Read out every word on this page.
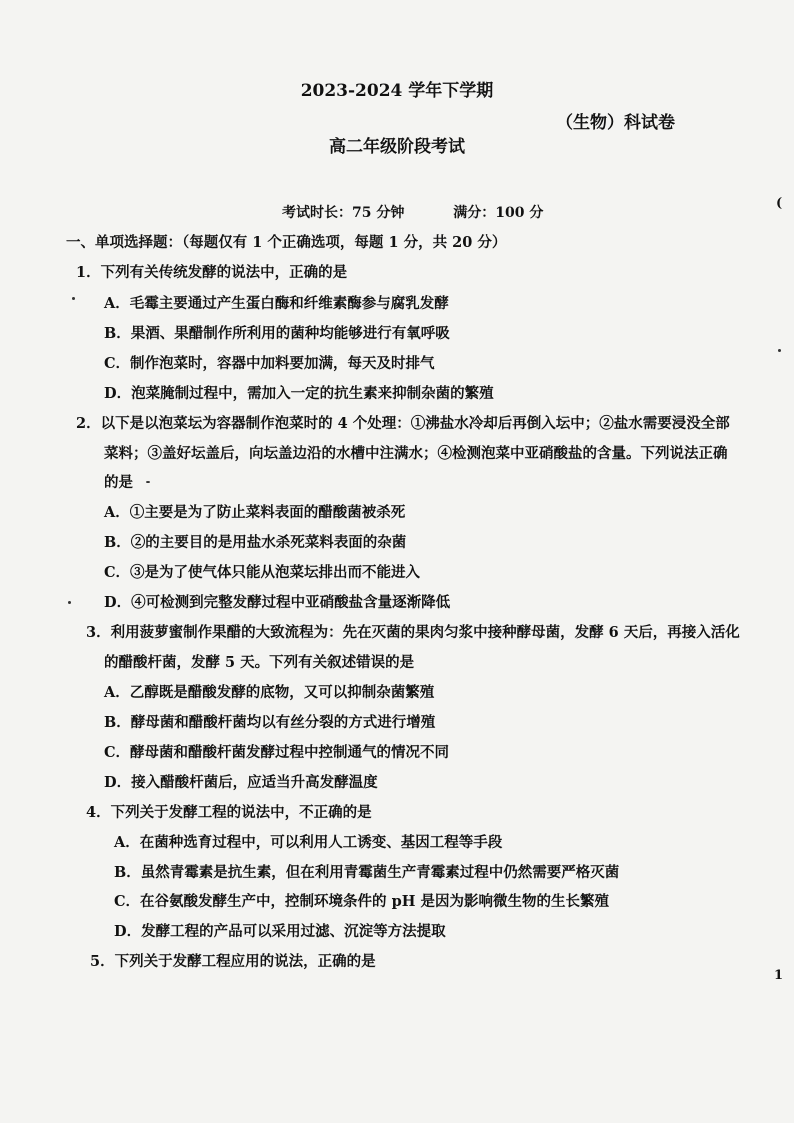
2023-2024 学年下学期
（生物）科试卷
高二年级阶段考试
考试时长：75 分钟	满分：100 分
一、单项选择题：（每题仅有 1 个正确选项，每题 1 分，共 20 分）
1．下列有关传统发酵的说法中，正确的是
A．毛霉主要通过产生蛋白酶和纤维素酶参与腐乳发酵
B．果酒、果醋制作所利用的菌种均能够进行有氧呼吸
C．制作泡菜时，容器中加料要加满，每天及时排气
D．泡菜腌制过程中，需加入一定的抗生素来抑制杂菌的繁殖
2．以下是以泡菜坛为容器制作泡菜时的 4 个处理：①沸盐水冷却后再倒入坛中；②盐水需要浸没全部
菜料；③盖好坛盖后，向坛盖边沿的水槽中注满水；④检测泡菜中亚硝酸盐的含量。下列说法正确
的是
A．①主要是为了防止菜料表面的醋酸菌被杀死
B．②的主要目的是用盐水杀死菜料表面的杂菌
C．③是为了使气体只能从泡菜坛排出而不能进入
D．④可检测到完整发酵过程中亚硝酸盐含量逐渐降低
3．利用菠萝蜜制作果醋的大致流程为：先在灭菌的果肉匀浆中接种酵母菌，发酵 6 天后，再接入活化
的醋酸杆菌，发酵 5 天。下列有关叙述错误的是
A．乙醇既是醋酸发酵的底物，又可以抑制杂菌繁殖
B．酵母菌和醋酸杆菌均以有丝分裂的方式进行增殖
C．酵母菌和醋酸杆菌发酵过程中控制通气的情况不同
D．接入醋酸杆菌后，应适当升高发酵温度
4．下列关于发酵工程的说法中，不正确的是
A．在菌种选育过程中，可以利用人工诱变、基因工程等手段
B．虽然青霉素是抗生素，但在利用青霉菌生产青霉素过程中仍然需要严格灭菌
C．在谷氨酸发酵生产中，控制环境条件的 pH 是因为影响微生物的生长繁殖
D．发酵工程的产品可以采用过滤、沉淀等方法提取
5．下列关于发酵工程应用的说法，正确的是
(
1
